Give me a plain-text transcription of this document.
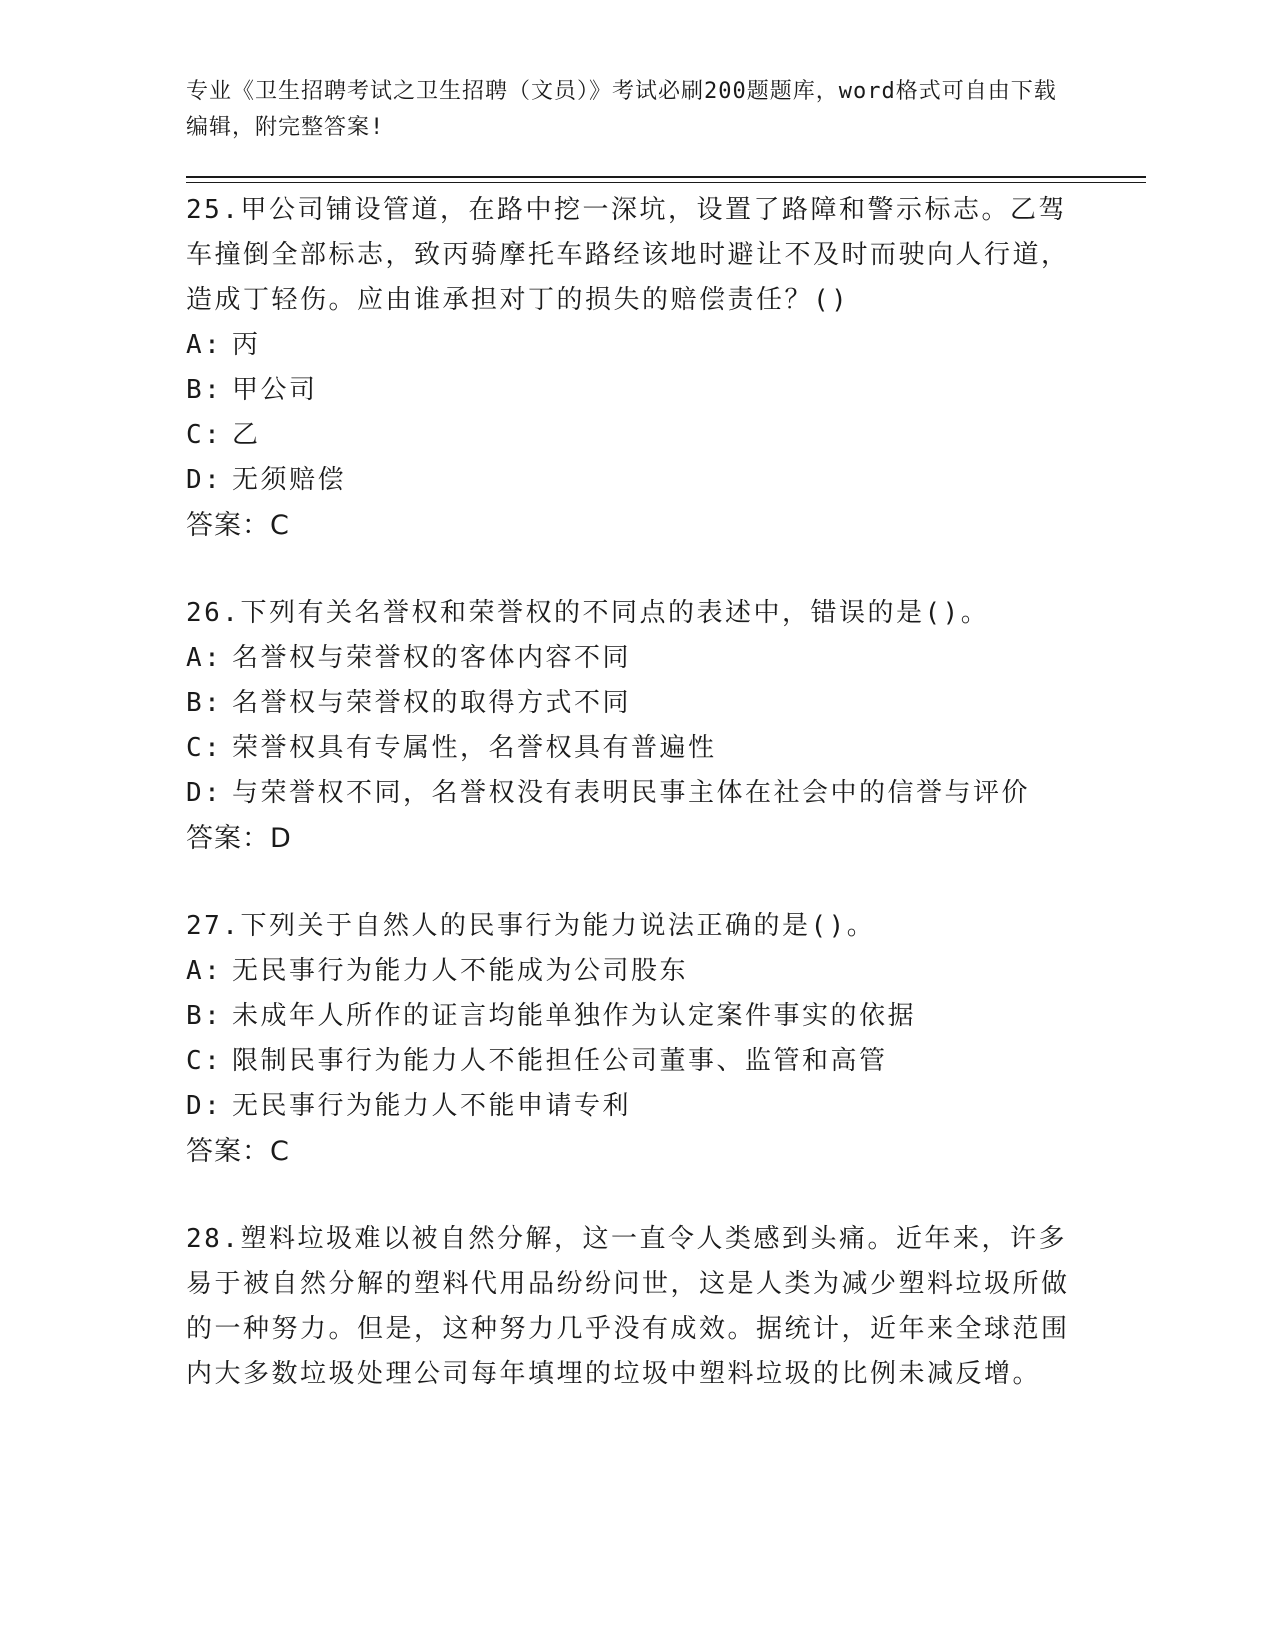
专业《卫生招聘考试之卫生招聘（文员）》考试必刷200题题库，word格式可自由下载编辑，附完整答案!

25.甲公司铺设管道，在路中挖一深坑，设置了路障和警示标志。乙驾车撞倒全部标志，致丙骑摩托车路经该地时避让不及时而驶向人行道，造成丁轻伤。应由谁承担对丁的损失的赔偿责任？()

A: 丙

B: 甲公司

C: 乙

D: 无须赔偿

答案：C

26.下列有关名誉权和荣誉权的不同点的表述中，错误的是()。

A: 名誉权与荣誉权的客体内容不同

B: 名誉权与荣誉权的取得方式不同

C: 荣誉权具有专属性，名誉权具有普遍性

D: 与荣誉权不同，名誉权没有表明民事主体在社会中的信誉与评价

答案：D

27.下列关于自然人的民事行为能力说法正确的是()。

A: 无民事行为能力人不能成为公司股东

B: 未成年人所作的证言均能单独作为认定案件事实的依据

C: 限制民事行为能力人不能担任公司董事、监管和高管

D: 无民事行为能力人不能申请专利

答案：C

28.塑料垃圾难以被自然分解，这一直令人类感到头痛。近年来，许多易于被自然分解的塑料代用品纷纷问世，这是人类为减少塑料垃圾所做的一种努力。但是，这种努力几乎没有成效。据统计，近年来全球范围内大多数垃圾处理公司每年填埋的垃圾中塑料垃圾的比例未减反增。
